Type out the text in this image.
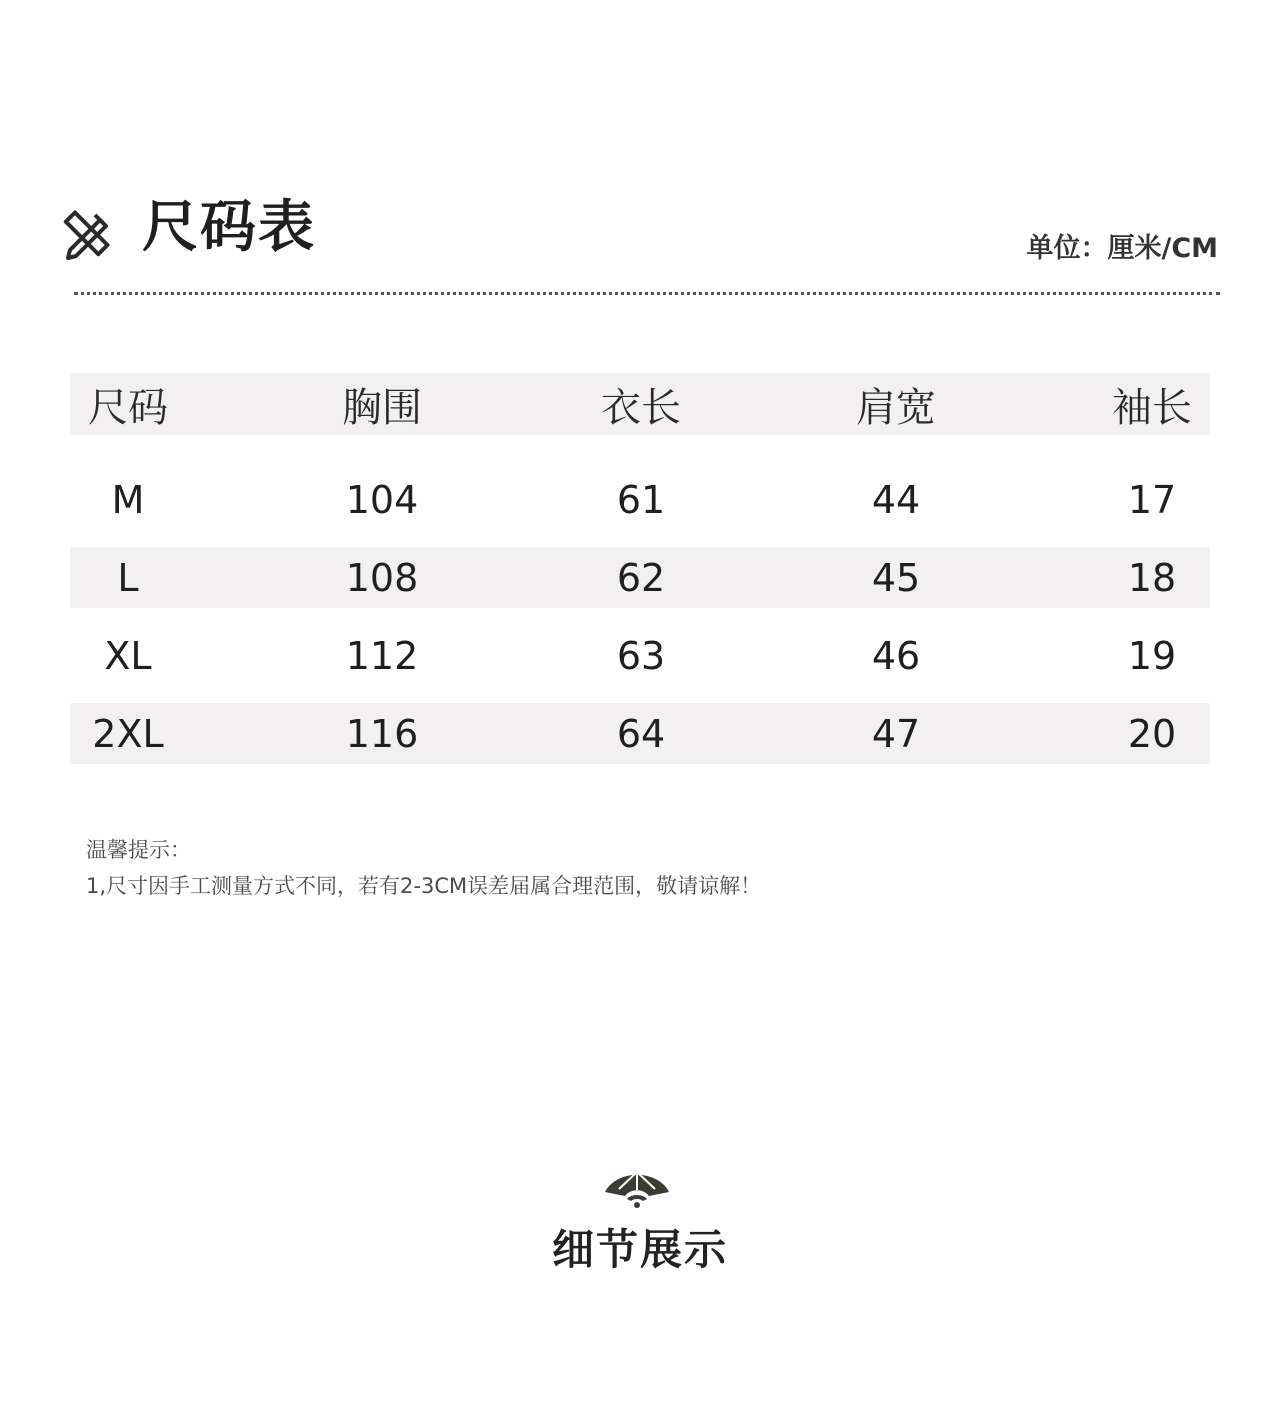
尺码表	单位：厘米/CM
尺码	胸围	衣长	肩宽	袖长
M	104	61	44	17
L	108	62	45	18
XL	112	63	46	19
2XL	116	64	47	20
温馨提示：
1,尺寸因手工测量方式不同，若有2-3CM误差届属合理范围，敬请谅解！
细节展示
